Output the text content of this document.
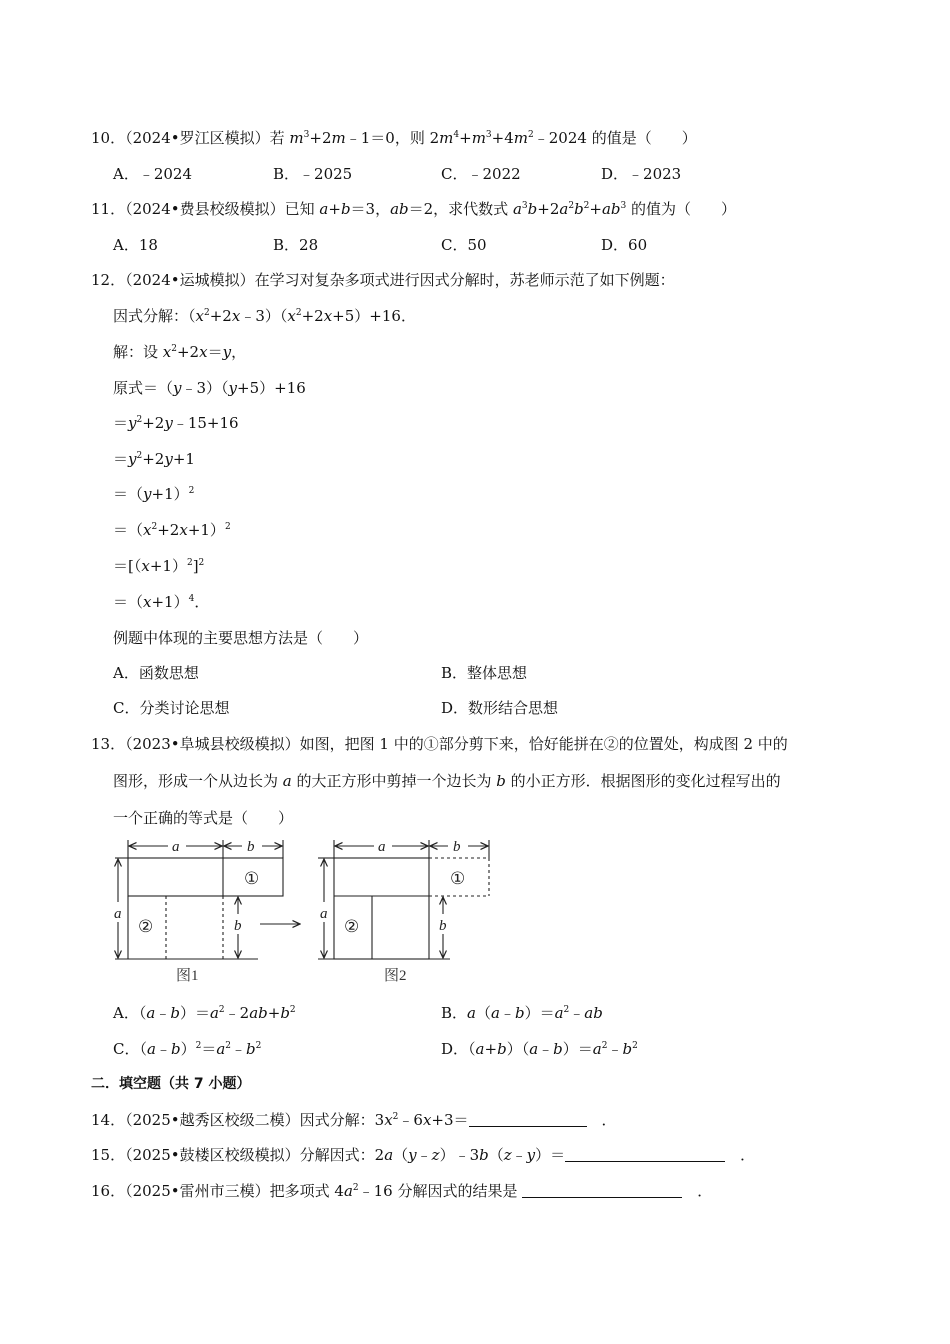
10．（2024•罗江区模拟）若 $m^3+2m﹣1=0$，则 $2m^4+m^3+4m^2﹣2024$ 的值是（　　）
A．﹣2024	B．﹣2025	C．﹣2022	D．﹣2023
11．（2024•费县校级模拟）已知 a+b＝3，ab＝2，求代数式 $a^3b+2a^2b^2+ab^3$ 的值为（　　）
A．18	B．28	C．50	D．60
12．（2024•运城模拟）在学习对复杂多项式进行因式分解时，苏老师示范了如下例题：
因式分解：$(x^2+2x﹣3)(x^2+2x+5)+16$．
解：设 $x^2+2x=y$，
原式＝（y﹣3）（y+5）+16
$=y^2+2y﹣15+16$
$=y^2+2y+1$
$=(y+1)^2$
$=(x^2+2x+1)^2$
$=[(x+1)^2]^2$
$=(x+1)^4$．
例题中体现的主要思想方法是（　　）
A．函数思想	B．整体思想
C．分类讨论思想	D．数形结合思想
13．（2023•阜城县校级模拟）如图，把图 1 中的①部分剪下来，恰好能拼在②的位置处，构成图 2 中的
图形，形成一个从边长为 a 的大正方形中剪掉一个边长为 b 的小正方形．根据图形的变化过程写出的
一个正确的等式是（　　）
a	b
a
b
a	b
a
b
①
②
①
②
图1	图2
A．$(a﹣b)=a^2﹣2ab+b^2$	B．$a(a﹣b)=a^2﹣ab$
C．$(a﹣b)^2=a^2﹣b^2$	D．$(a+b)(a﹣b)=a^2﹣b^2$
二．填空题（共 7 小题）
14．（2025•越秀区校级二模）因式分解：$3x^2﹣6x+3=$　	．
15．（2025•鼓楼区校级模拟）分解因式：2a（y﹣z）﹣3b（z﹣y）＝　	．
16．（2025•雷州市三模）把多项式 $4a^2﹣16$ 分解因式的结果是 　	．
